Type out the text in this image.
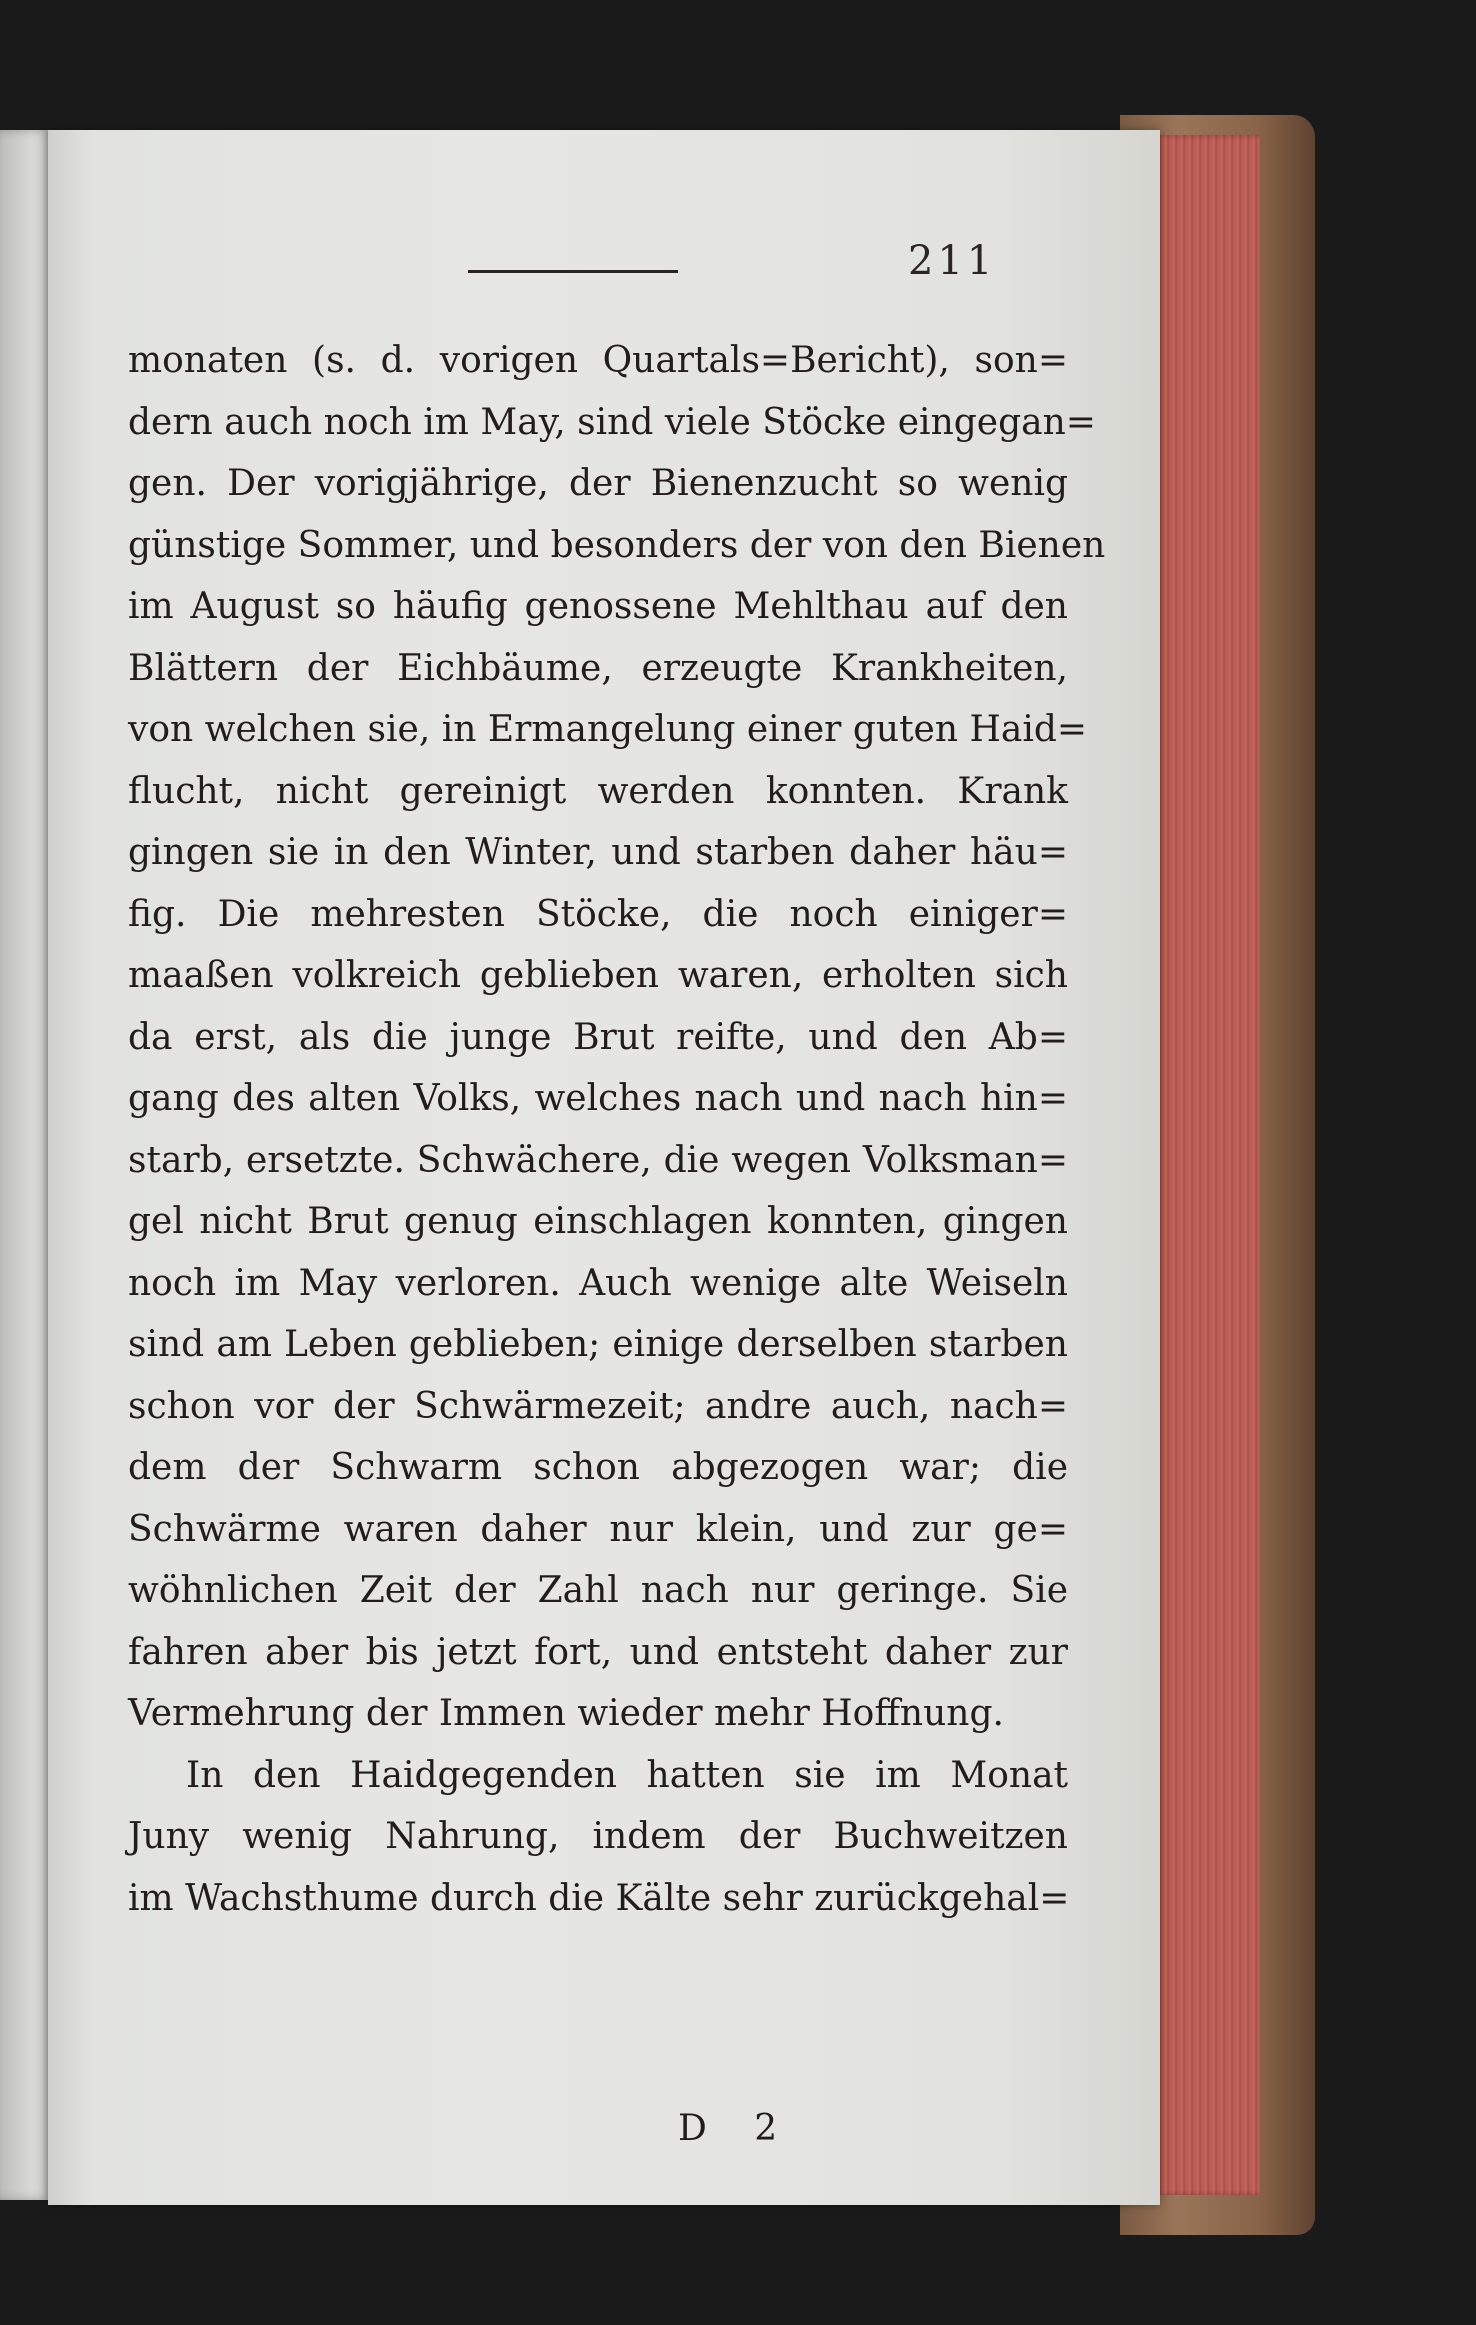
211
monaten (s. d. vorigen Quartals=Bericht), son=
dern auch noch im May, sind viele Stöcke eingegan=
gen. Der vorigjährige, der Bienenzucht so wenig
günstige Sommer, und besonders der von den Bienen
im August so häufig genossene Mehlthau auf den
Blättern der Eichbäume, erzeugte Krankheiten,
von welchen sie, in Ermangelung einer guten Haid=
flucht, nicht gereinigt werden konnten. Krank
gingen sie in den Winter, und starben daher häu=
fig. Die mehresten Stöcke, die noch einiger=
maaßen volkreich geblieben waren, erholten sich
da erst, als die junge Brut reifte, und den Ab=
gang des alten Volks, welches nach und nach hin=
starb, ersetzte. Schwächere, die wegen Volksman=
gel nicht Brut genug einschlagen konnten, gingen
noch im May verloren. Auch wenige alte Weiseln
sind am Leben geblieben; einige derselben starben
schon vor der Schwärmezeit; andre auch, nach=
dem der Schwarm schon abgezogen war; die
Schwärme waren daher nur klein, und zur ge=
wöhnlichen Zeit der Zahl nach nur geringe. Sie
fahren aber bis jetzt fort, und entsteht daher zur
Vermehrung der Immen wieder mehr Hoffnung.
In den Haidgegenden hatten sie im Monat
Juny wenig Nahrung, indem der Buchweitzen
im Wachsthume durch die Kälte sehr zurückgehal=
D 2
